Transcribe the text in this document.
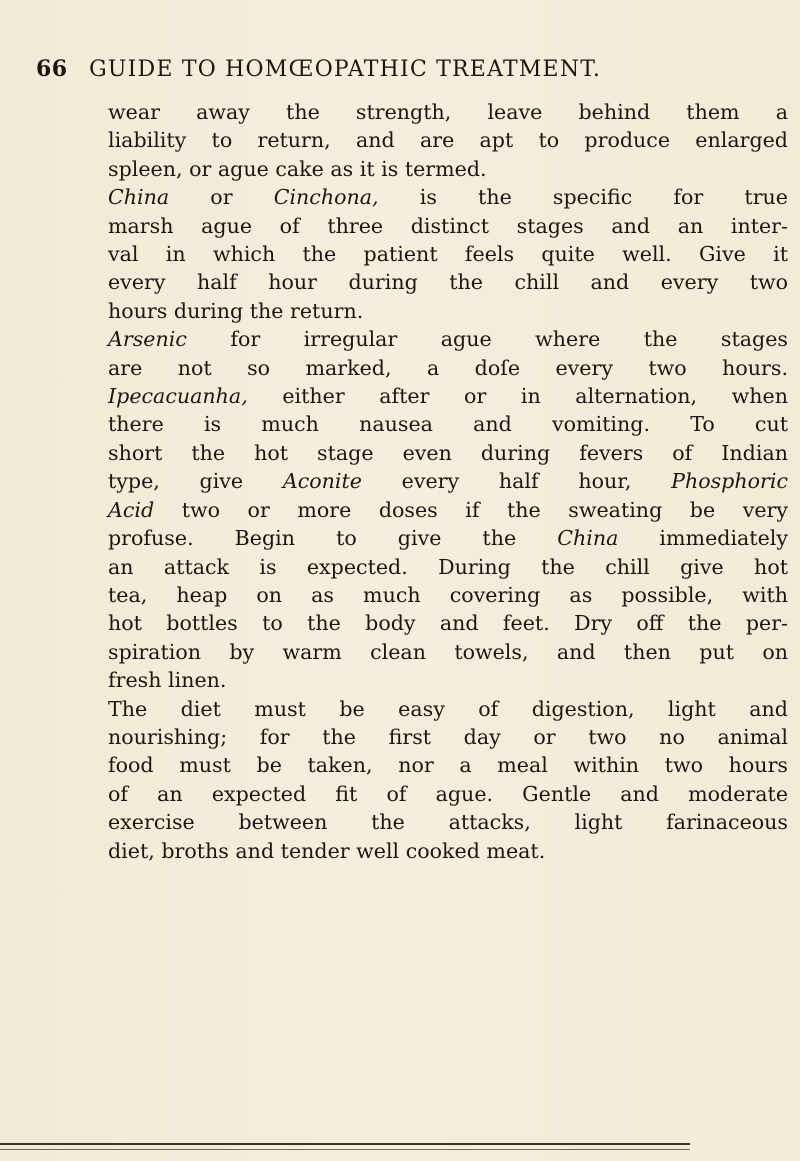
66 GUIDE TO HOMŒOPATHIC TREATMENT.
wear away the strength, leave behind them a
liability to return, and are apt to produce enlarged
spleen, or ague cake as it is termed.
China or Cinchona, is the specific for true
marsh ague of three distinct stages and an inter-
val in which the patient feels quite well. Give it
every half hour during the chill and every two
hours during the return.
Arsenic for irregular ague where the stages
are not so marked, a doſe every two hours.
Ipecacuanha, either after or in alternation, when
there is much nausea and vomiting. To cut
short the hot stage even during fevers of Indian
type, give Aconite every half hour, Phosphoric
Acid two or more doses if the sweating be very
profuse. Begin to give the China immediately
an attack is expected. During the chill give hot
tea, heap on as much covering as possible, with
hot bottles to the body and feet. Dry off the per-
spiration by warm clean towels, and then put on
fresh linen.
The diet must be easy of digestion, light and
nourishing; for the first day or two no animal
food must be taken, nor a meal within two hours
of an expected fit of ague. Gentle and moderate
exercise between the attacks, light farinaceous
diet, broths and tender well cooked meat.
